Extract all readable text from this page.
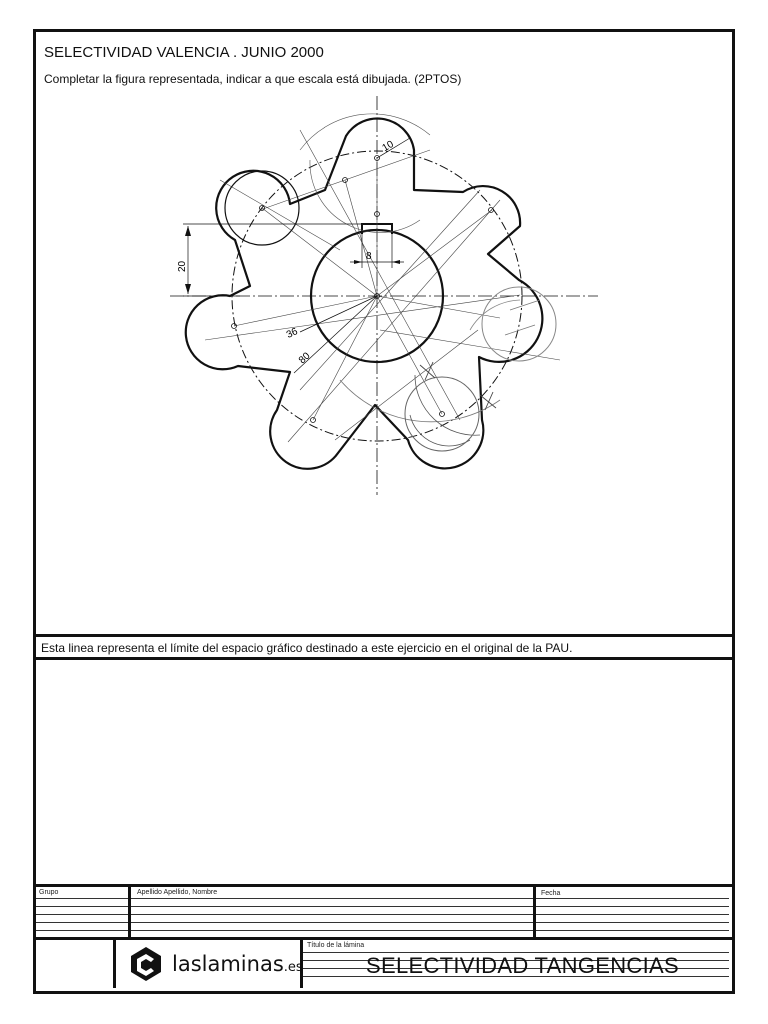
SELECTIVIDAD VALENCIA . JUNIO 2000
Completar la figura representada, indicar a que escala está dibujada. (2PTOS)
Esta linea representa el límite del espacio gráfico destinado a este ejercicio en el original de la PAU.
Grupo	Apellido Apellido, Nombre	Fecha
Título de la lámina
SELECTIVIDAD TANGENCIAS
laslaminas.es
20
8
10
36
80
